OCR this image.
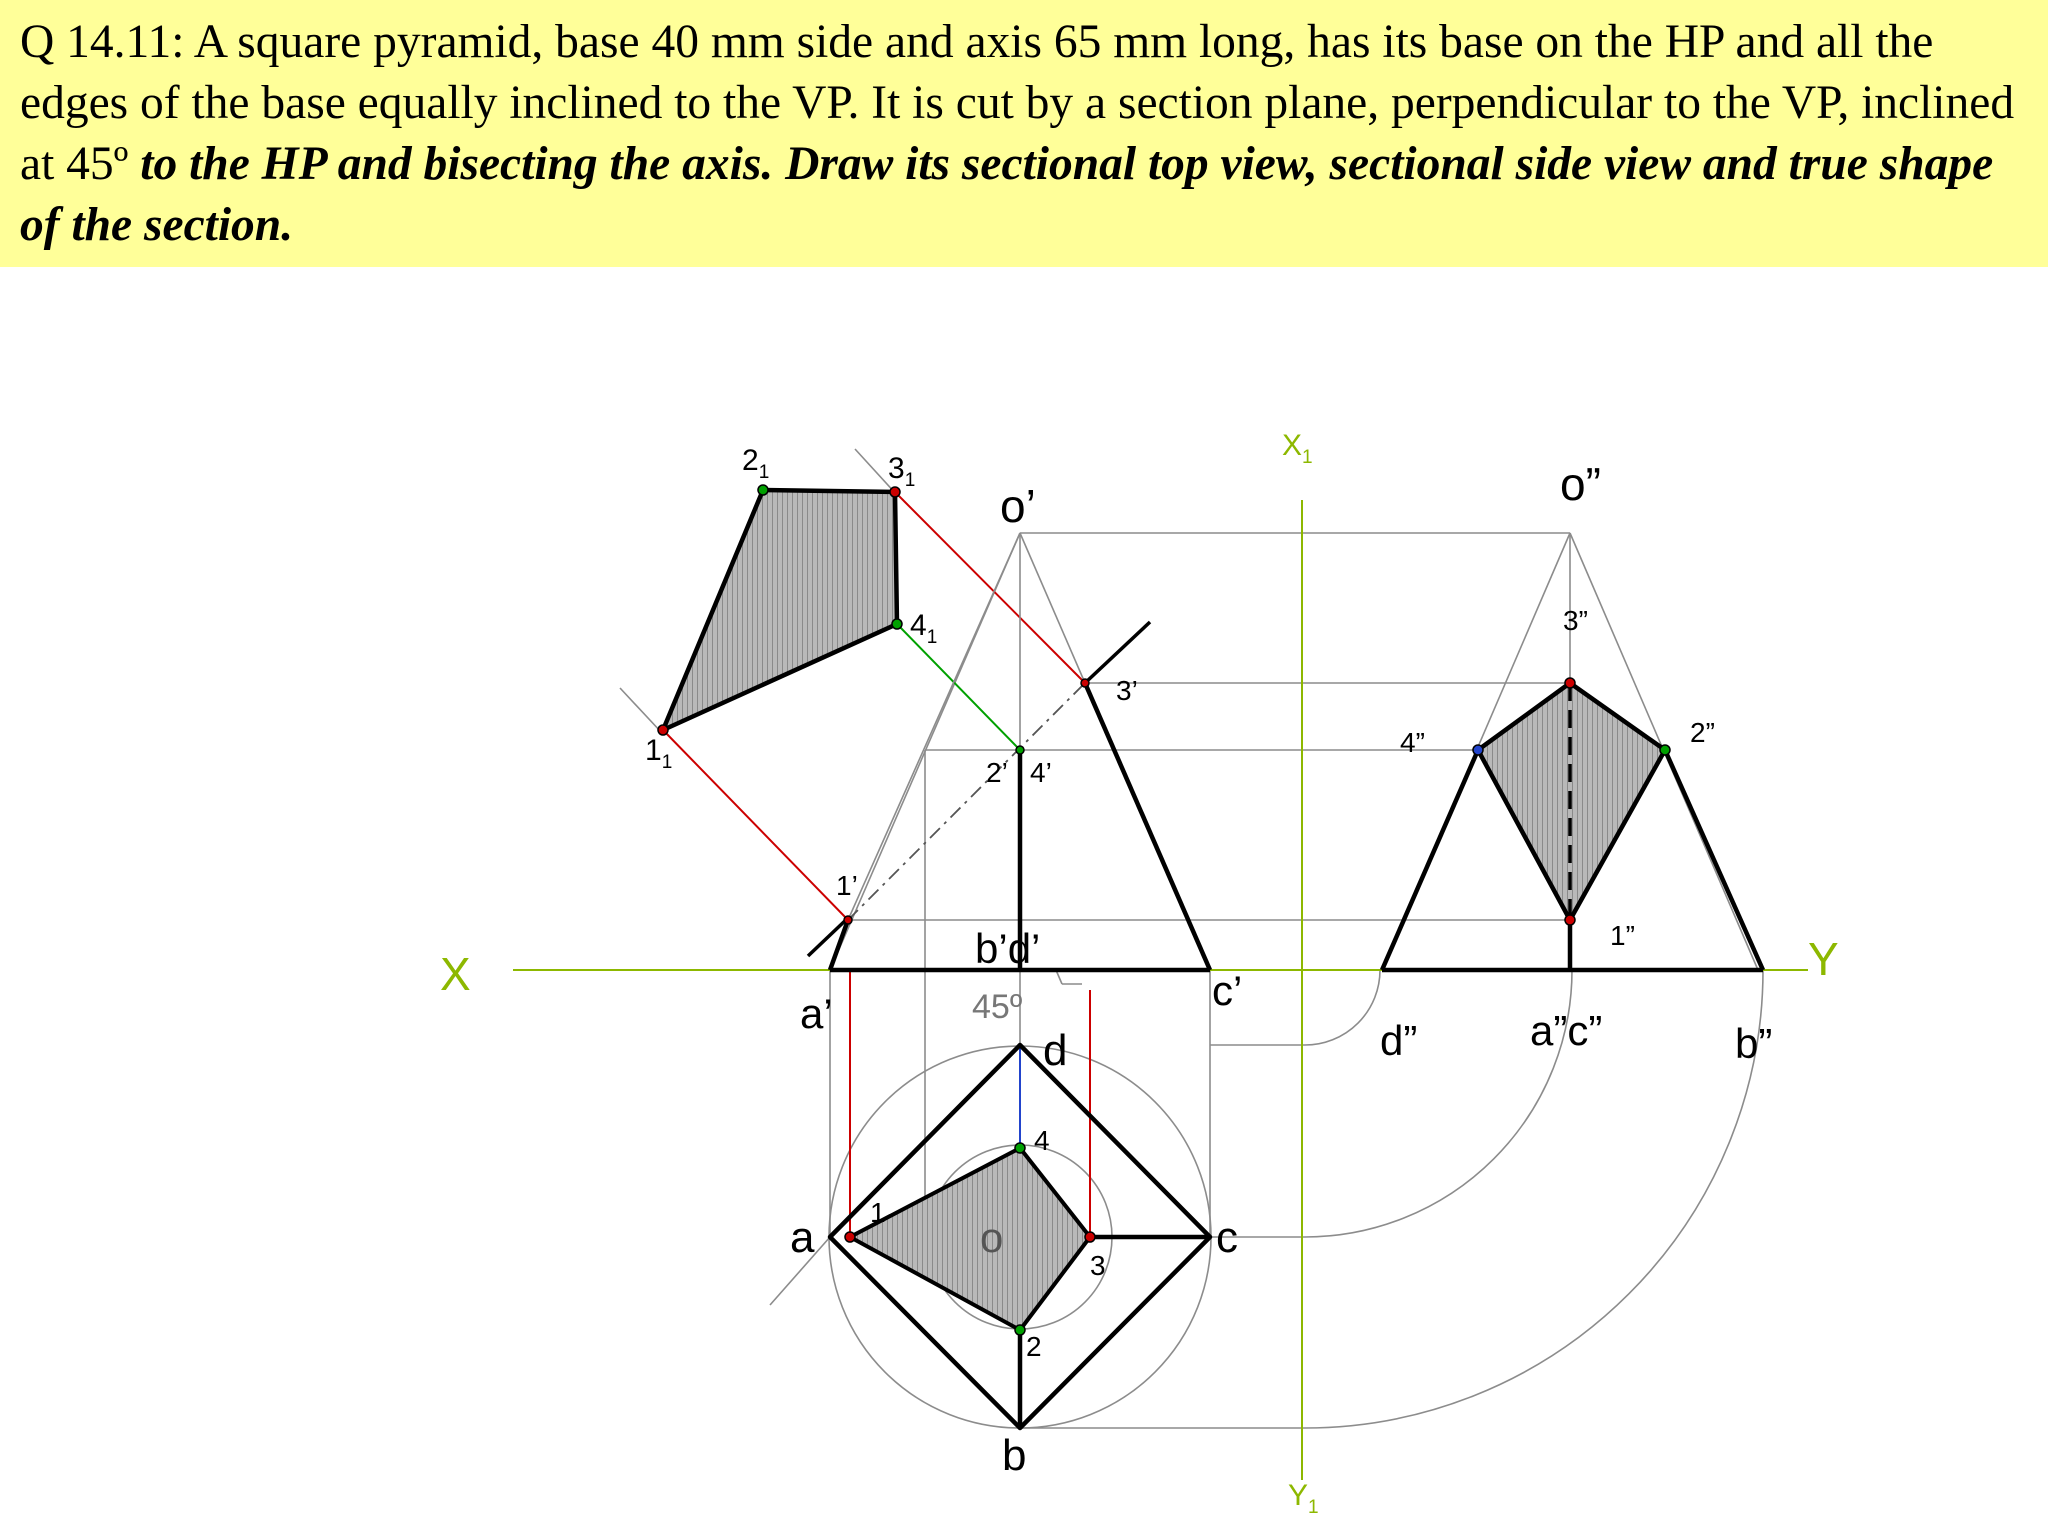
Q 14.11: A square pyramid, base 40 mm side and axis 65 mm long, has its base on the HP and all the edges of the base equally inclined to the VP. It is cut by a section plane, perpendicular to the VP, inclined at 45º to the HP and bisecting the axis. Draw its sectional top view, sectional side view and true shape of the section.
X	Y
$X_1$
$Y_1$
o’
a’
b’d’
c’
45º
1’
2’ 4’
3’
a
b
c
d
o
1
2
3
4
$1_1$
$2_1$	$3_1$
$4_1$
o”
3”
4”	2”
1”
d”	a”c”	b”
